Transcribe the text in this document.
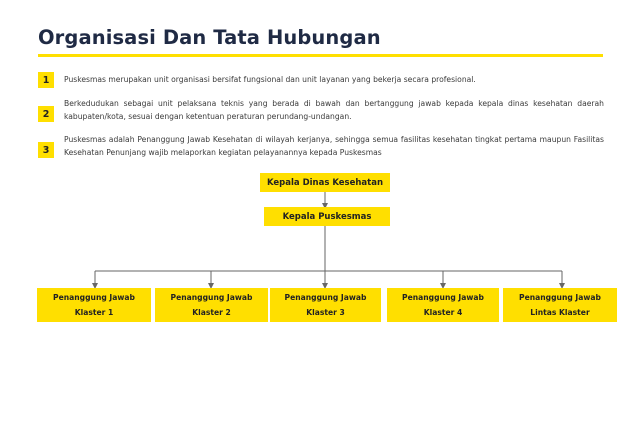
Organisasi Dan Tata Hubungan
1	Puskesmas merupakan unit organisasi bersifat fungsional dan unit layanan yang bekerja secara profesional.
2
Berkedudukan sebagai unit pelaksana teknis yang berada di bawah dan bertanggung jawab kepada kepala dinas kesehatan daerah kabupaten/kota, sesuai dengan ketentuan peraturan perundang-undangan.
3
Puskesmas adalah Penanggung Jawab Kesehatan di wilayah kerjanya, sehingga semua fasilitas kesehatan tingkat pertama maupun Fasilitas Kesehatan Penunjang wajib melaporkan kegiatan pelayanannya kepada Puskesmas
Kepala Dinas Kesehatan
Kepala Puskesmas
Penanggung Jawab
Klaster 1
Penanggung Jawab
Klaster 2
Penanggung Jawab
Klaster 3
Penanggung Jawab
Klaster 4
Penanggung Jawab
Lintas Klaster
